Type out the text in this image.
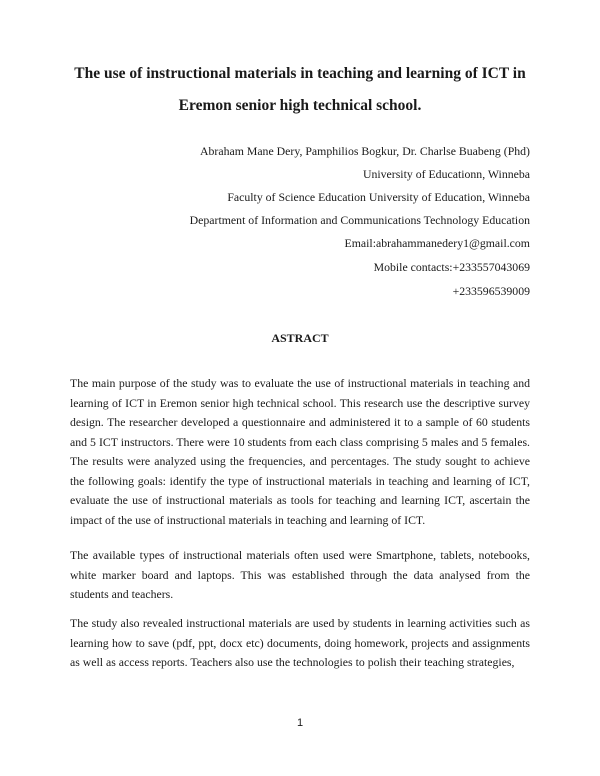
The use of instructional materials in teaching and learning of ICT in
Eremon senior high technical school.

Abraham Mane Dery, Pamphilios Bogkur, Dr. Charlse Buabeng (Phd)

University of Educationn, Winneba

Faculty of Science Education University of Education, Winneba

Department of Information and Communications Technology Education

Email:abrahammanedery1@gmail.com

Mobile contacts:+233557043069

+233596539009

ASTRACT

The main purpose of the study was to evaluate the use of instructional materials in teaching and learning of ICT in Eremon senior high technical school. This research use the descriptive survey design. The researcher developed a questionnaire and administered it to a sample of 60 students and 5 ICT instructors. There were 10 students from each class comprising 5 males and 5 females. The results were analyzed using the frequencies, and percentages. The study sought to achieve the following goals: identify the type of instructional materials in teaching and learning of ICT, evaluate the use of instructional materials as tools for teaching and learning ICT, ascertain the impact of the use of instructional materials in teaching and learning of ICT.

The available types of instructional materials often used were Smartphone, tablets, notebooks, white marker board and laptops. This was established through the data analysed from the students and teachers.

The study also revealed instructional materials are used by students in learning activities such as learning how to save (pdf, ppt, docx etc) documents, doing homework, projects and assignments as well as access reports. Teachers also use the technologies to polish their teaching strategies,

1
